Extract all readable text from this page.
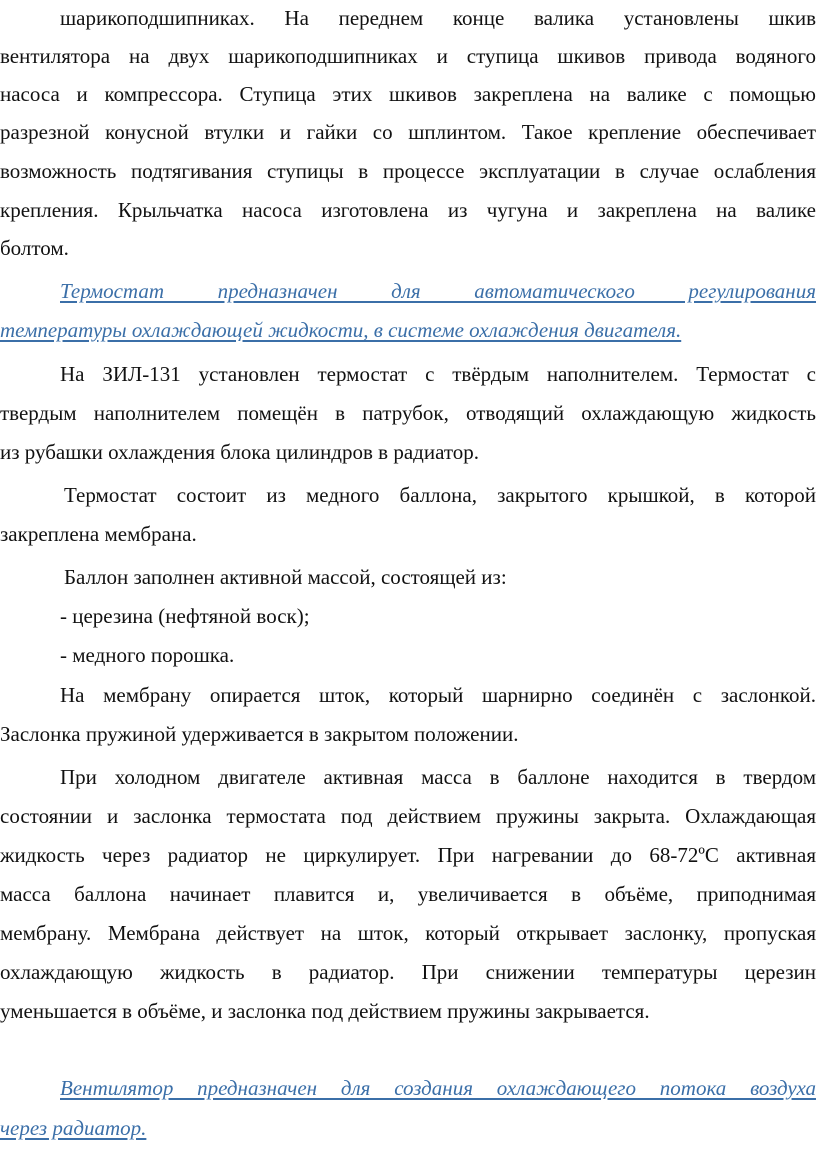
шарикоподшипниках. На переднем конце валика установлены шкив
вентилятора на двух шарикоподшипниках и ступица шкивов привода водяного
насоса и компрессора. Ступица этих шкивов закреплена на валике с помощью
разрезной конусной втулки и гайки со шплинтом. Такое крепление обеспечивает
возможность подтягивания ступицы в процессе эксплуатации в случае ослабления
крепления. Крыльчатка насоса изготовлена из чугуна и закреплена на валике
болтом.
Термостат предназначен для автоматического регулирования
температуры охлаждающей жидкости, в системе охлаждения двигателя.
На ЗИЛ-131 установлен термостат с твёрдым наполнителем. Термостат с
твердым наполнителем помещён в патрубок, отводящий охлаждающую жидкость
из рубашки охлаждения блока цилиндров в радиатор.
Термостат состоит из медного баллона, закрытого крышкой, в которой
закреплена мембрана.
Баллон заполнен активной массой, состоящей из:
- церезина (нефтяной воск);
- медного порошка.
На мембрану опирается шток, который шарнирно соединён с заслонкой.
Заслонка пружиной удерживается в закрытом положении.
При холодном двигателе активная масса в баллоне находится в твердом
состоянии и заслонка термостата под действием пружины закрыта. Охлаждающая
жидкость через радиатор не циркулирует. При нагревании до 68-72ºС активная
масса баллона начинает плавится и, увеличивается в объёме, приподнимая
мембрану. Мембрана действует на шток, который открывает заслонку, пропуская
охлаждающую жидкость в радиатор. При снижении температуры церезин
уменьшается в объёме, и заслонка под действием пружины закрывается.
Вентилятор предназначен для создания охлаждающего потока воздуха
через радиатор.
